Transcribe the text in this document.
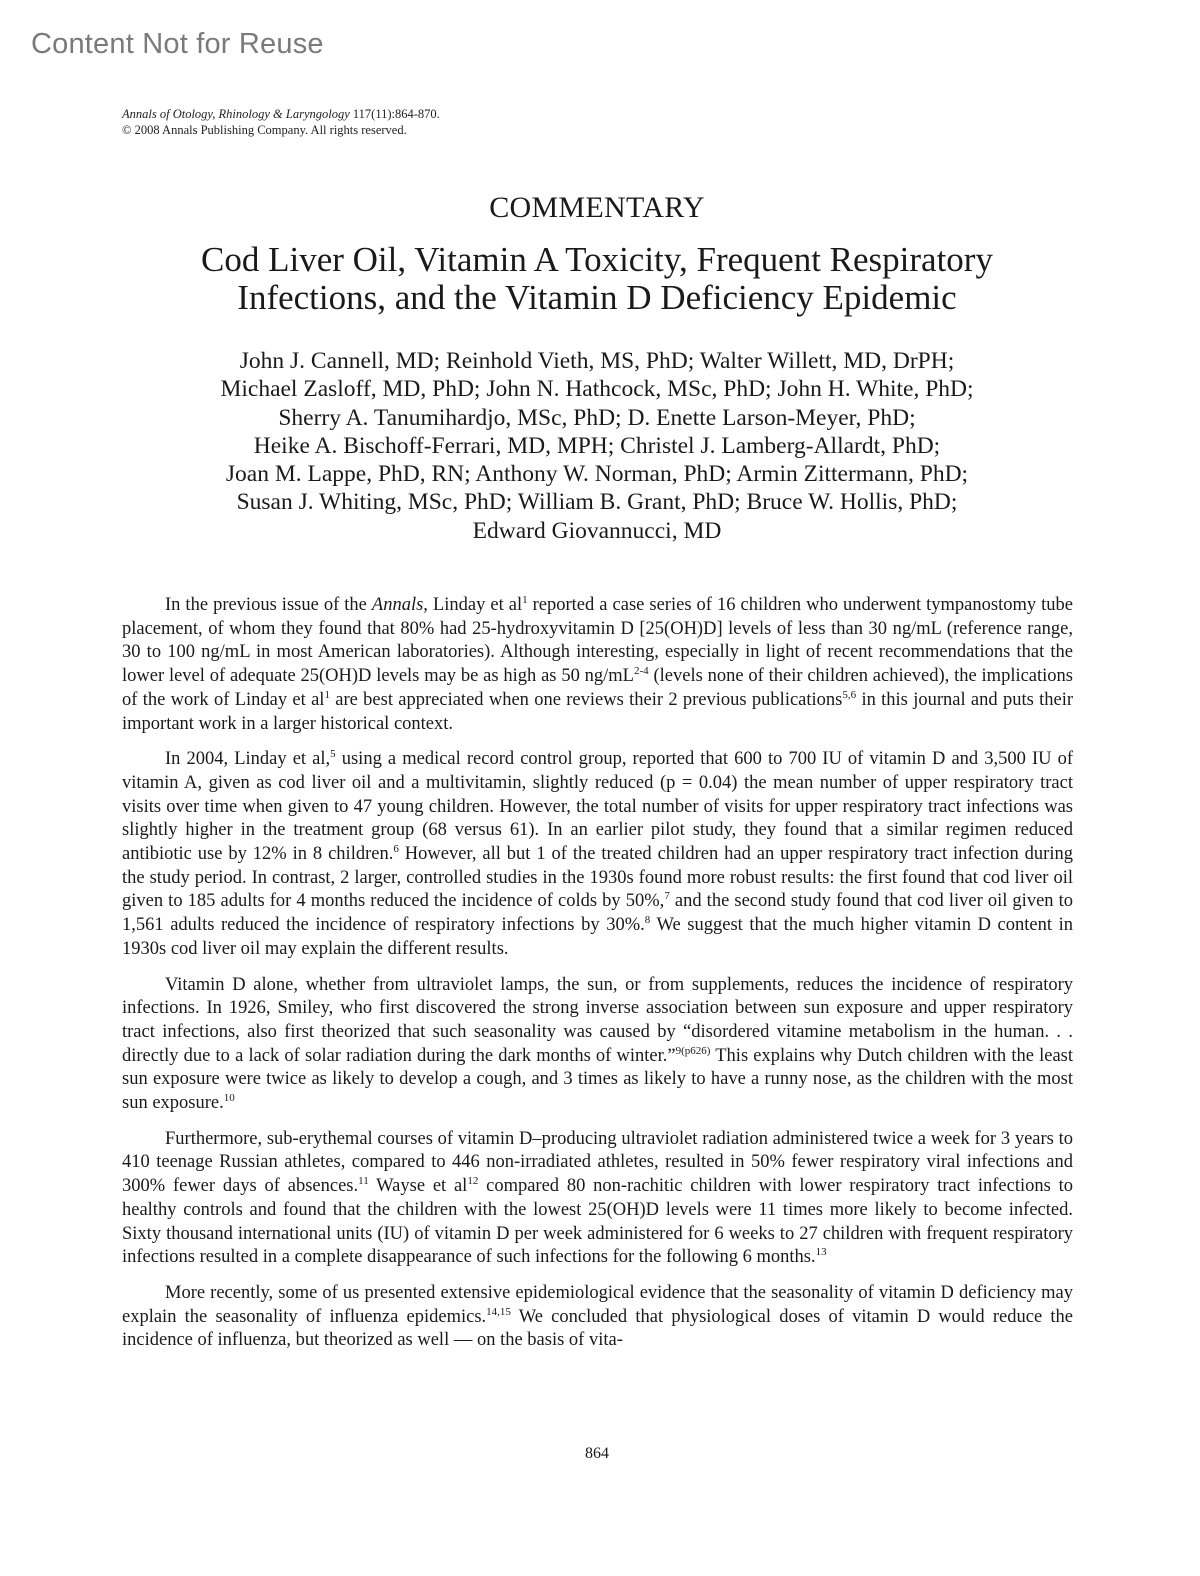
Content Not for Reuse
Annals of Otology, Rhinology & Laryngology 117(11):864-870.
© 2008 Annals Publishing Company. All rights reserved.
COMMENTARY
Cod Liver Oil, Vitamin A Toxicity, Frequent Respiratory
Infections, and the Vitamin D Deficiency Epidemic
John J. Cannell, MD; Reinhold Vieth, MS, PhD; Walter Willett, MD, DrPH;
Michael Zasloff, MD, PhD; John N. Hathcock, MSc, PhD; John H. White, PhD;
Sherry A. Tanumihardjo, MSc, PhD; D. Enette Larson-Meyer, PhD;
Heike A. Bischoff-Ferrari, MD, MPH; Christel J. Lamberg-Allardt, PhD;
Joan M. Lappe, PhD, RN; Anthony W. Norman, PhD; Armin Zittermann, PhD;
Susan J. Whiting, MSc, PhD; William B. Grant, PhD; Bruce W. Hollis, PhD;
Edward Giovannucci, MD

In the previous issue of the Annals, Linday et $al^1$ reported a case series of 16 children who underwent tympanostomy tube placement, of whom they found that 80% had 25-hydroxyvitamin D [25(OH)D] levels of less than 30 ng/mL (reference range, 30 to 100 ng/mL in most American laboratories). Although interesting, especially in light of recent recommendations that the lower level of adequate 25(OH)D levels may be as high as 50 $ng/mL^{2-4}$ (levels none of their children achieved), the implications of the work of Linday et $al^1$ are best appreciated when one reviews their 2 previous publications$^{5,6}$ in this journal and puts their important work in a larger historical context.

In 2004, Linday et al,$^5$ using a medical record control group, reported that 600 to 700 IU of vitamin D and 3,500 IU of vitamin A, given as cod liver oil and a multivitamin, slightly reduced (p = 0.04) the mean number of upper respiratory tract visits over time when given to 47 young children. However, the total number of visits for upper respiratory tract infections was slightly higher in the treatment group (68 versus 61). In an earlier pilot study, they found that a similar regimen reduced antibiotic use by 12% in 8 children.$^6$ However, all but 1 of the treated children had an upper respiratory tract infection during the study period. In contrast, 2 larger, controlled studies in the 1930s found more robust results: the first found that cod liver oil given to 185 adults for 4 months reduced the incidence of colds by 50%,$^7$ and the second study found that cod liver oil given to 1,561 adults reduced the incidence of respiratory infections by 30%.$^8$ We suggest that the much higher vitamin D content in 1930s cod liver oil may explain the different results.

Vitamin D alone, whether from ultraviolet lamps, the sun, or from supplements, reduces the incidence of respiratory infections. In 1926, Smiley, who first discovered the strong inverse association between sun exposure and upper respiratory tract infections, also first theorized that such seasonality was caused by “disordered vitamine metabolism in the human. . . directly due to a lack of solar radiation during the dark months of winter.”$^{9(p626)}$ This explains why Dutch children with the least sun exposure were twice as likely to develop a cough, and 3 times as likely to have a runny nose, as the children with the most sun exposure.$^{10}$

Furthermore, sub-erythemal courses of vitamin D–producing ultraviolet radiation administered twice a week for 3 years to 410 teenage Russian athletes, compared to 446 non-irradiated athletes, resulted in 50% fewer respiratory viral infections and 300% fewer days of absences.$^{11}$ Wayse et $al^{12}$ compared 80 non-rachitic children with lower respiratory tract infections to healthy controls and found that the children with the lowest 25(OH)D levels were 11 times more likely to become infected. Sixty thousand international units (IU) of vitamin D per week administered for 6 weeks to 27 children with frequent respiratory infections resulted in a complete disappearance of such infections for the following 6 months.$^{13}$

More recently, some of us presented extensive epidemiological evidence that the seasonality of vitamin D deficiency may explain the seasonality of influenza epidemics.$^{14,15}$ We concluded that physiological doses of vitamin D would reduce the incidence of influenza, but theorized as well — on the basis of vita-

864
